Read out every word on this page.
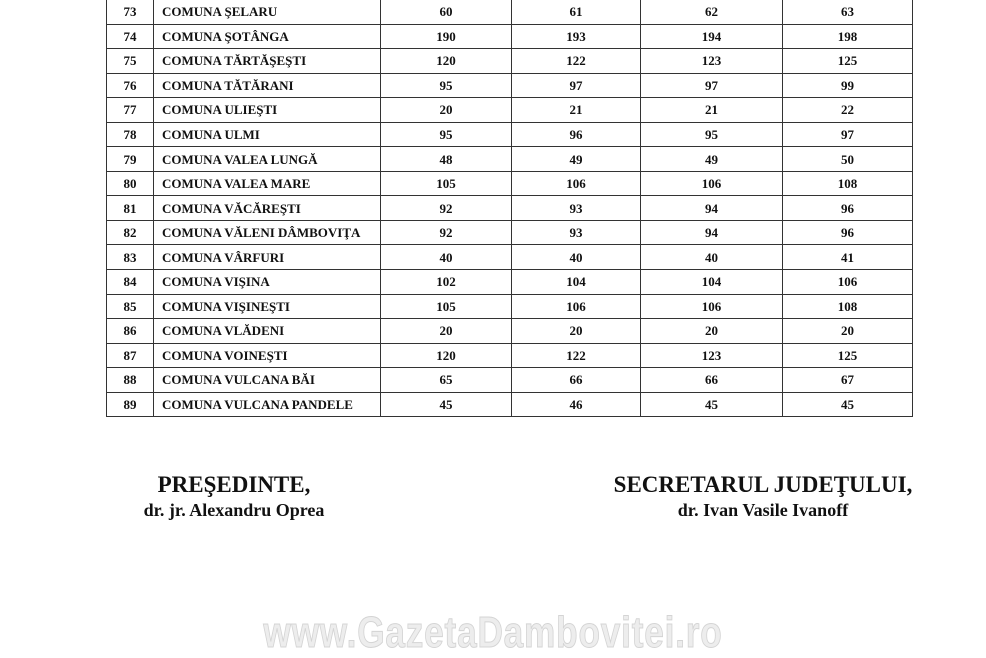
73	COMUNA ŞELARU	60	61	62	63
74	COMUNA ŞOTÂNGA	190	193	194	198
75	COMUNA TĂRTĂŞEŞTI	120	122	123	125
76	COMUNA TĂTĂRANI	95	97	97	99
77	COMUNA ULIEŞTI	20	21	21	22
78	COMUNA ULMI	95	96	95	97
79	COMUNA VALEA LUNGĂ	48	49	49	50
80	COMUNA VALEA MARE	105	106	106	108
81	COMUNA VĂCĂREŞTI	92	93	94	96
82	COMUNA VĂLENI DÂMBOVIŢA	92	93	94	96
83	COMUNA VÂRFURI	40	40	40	41
84	COMUNA VIŞINA	102	104	104	106
85	COMUNA VIŞINEŞTI	105	106	106	108
86	COMUNA VLĂDENI	20	20	20	20
87	COMUNA VOINEŞTI	120	122	123	125
88	COMUNA VULCANA BĂI	65	66	66	67
89	COMUNA VULCANA PANDELE	45	46	45	45
PREŞEDINTE,
dr. jr. Alexandru Oprea
SECRETARUL JUDEŢULUI,
dr. Ivan Vasile Ivanoff
www.GazetaDambovitei.ro
